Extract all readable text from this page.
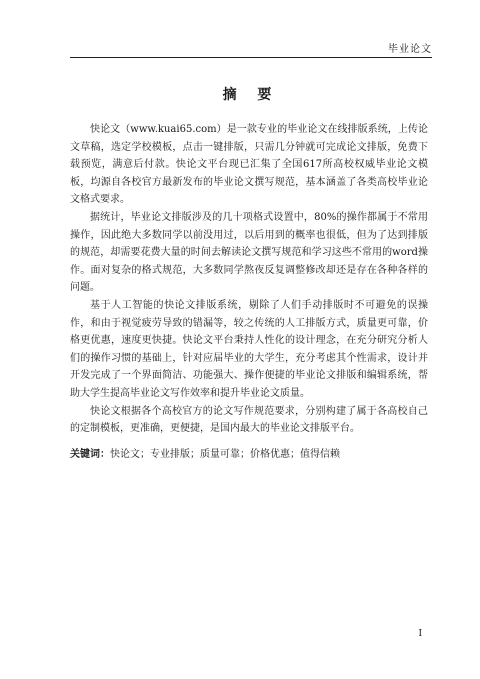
毕业论文
摘 要

快论文（www.kuai65.com）是一款专业的毕业论文在线排版系统，上传论文草稿，选定学校模板，点击一键排版，只需几分钟就可完成论文排版，免费下载预览，满意后付款。快论文平台现已汇集了全国617所高校权威毕业论文模板，均源自各校官方最新发布的毕业论文撰写规范，基本涵盖了各类高校毕业论文格式要求。

据统计，毕业论文排版涉及的几十项格式设置中，80%的操作都属于不常用操作，因此绝大多数同学以前没用过，以后用到的概率也很低，但为了达到排版的规范，却需要花费大量的时间去解读论文撰写规范和学习这些不常用的word操作。面对复杂的格式规范，大多数同学熬夜反复调整修改却还是存在各种各样的问题。

基于人工智能的快论文排版系统，剔除了人们手动排版时不可避免的误操作，和由于视觉疲劳导致的错漏等，较之传统的人工排版方式，质量更可靠，价格更优惠，速度更快捷。快论文平台秉持人性化的设计理念，在充分研究分析人们的操作习惯的基础上，针对应届毕业的大学生，充分考虑其个性需求，设计并开发完成了一个界面简洁、功能强大、操作便捷的毕业论文排版和编辑系统，帮助大学生提高毕业论文写作效率和提升毕业论文质量。

快论文根据各个高校官方的论文写作规范要求，分别构建了属于各高校自己的定制模板，更准确，更便捷，是国内最大的毕业论文排版平台。

关键词：快论文；专业排版；质量可靠；价格优惠；值得信赖

I
